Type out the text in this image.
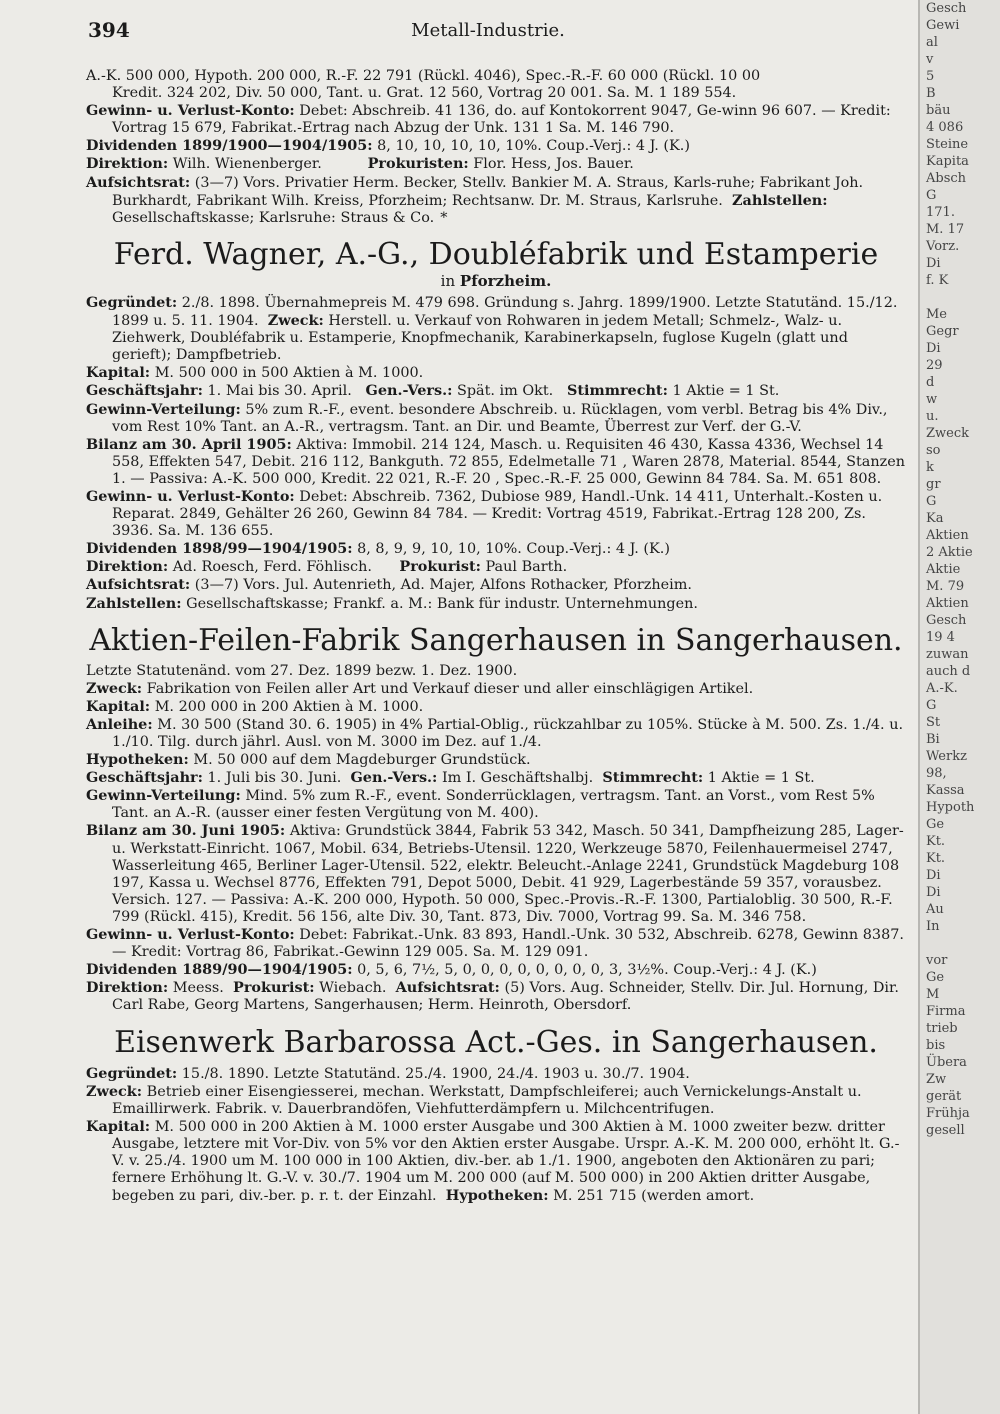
394	Metall-Industrie.

A.-K. 500 000, Hypoth. 200 000, R.-F. 22 791 (Rückl. 4046), Spec.-R.-F. 60 000 (Rückl. 10 00
Kredit. 324 202, Div. 50 000, Tant. u. Grat. 12 560, Vortrag 20 001. Sa. M. 1 189 554.

Gewinn- u. Verlust-Konto: Debet: Abschreib. 41 136, do. auf Kontokorrent 9047, Ge-winn 96 607. — Kredit: Vortrag 15 679, Fabrikat.-Ertrag nach Abzug der Unk. 131 1 Sa. M. 146 790.

Dividenden 1899/1900—1904/1905: 8, 10, 10, 10, 10, 10%. Coup.-Verj.: 4 J. (K.)

Direktion: Wilh. Wienenberger.	Prokuristen: Flor. Hess, Jos. Bauer.

Aufsichtsrat: (3—7) Vors. Privatier Herm. Becker, Stellv. Bankier M. A. Straus, Karls-ruhe; Fabrikant Joh. Burkhardt, Fabrikant Wilh. Kreiss, Pforzheim; Rechtsanw. Dr. M. Straus, Karlsruhe. Zahlstellen: Gesellschaftskasse; Karlsruhe: Straus & Co. *

Ferd. Wagner, A.-G., Doubléfabrik und Estamperie
in Pforzheim.

Gegründet: 2./8. 1898. Übernahmepreis M. 479 698. Gründung s. Jahrg. 1899/1900. Letzte Statutänd. 15./12. 1899 u. 5. 11. 1904. Zweck: Herstell. u. Verkauf von Rohwaren in jedem Metall; Schmelz-, Walz- u. Ziehwerk, Doubléfabrik u. Estamperie, Knopfmechanik, Karabinerkapseln, fuglose Kugeln (glatt und gerieft); Dampfbetrieb.

Kapital: M. 500 000 in 500 Aktien à M. 1000.

Geschäftsjahr: 1. Mai bis 30. April. Gen.-Vers.: Spät. im Okt. Stimmrecht: 1 Aktie = 1 St.

Gewinn-Verteilung: 5% zum R.-F., event. besondere Abschreib. u. Rücklagen, vom verbl. Betrag bis 4% Div., vom Rest 10% Tant. an A.-R., vertragsm. Tant. an Dir. und Beamte, Überrest zur Verf. der G.-V.

Bilanz am 30. April 1905: Aktiva: Immobil. 214 124, Masch. u. Requisiten 46 430, Kassa 4336, Wechsel 14 558, Effekten 547, Debit. 216 112, Bankguth. 72 855, Edelmetalle 71 , Waren 2878, Material. 8544, Stanzen 1. — Passiva: A.-K. 500 000, Kredit. 22 021, R.-F. 20 , Spec.-R.-F. 25 000, Gewinn 84 784. Sa. M. 651 808.

Gewinn- u. Verlust-Konto: Debet: Abschreib. 7362, Dubiose 989, Handl.-Unk. 14 411, Unterhalt.-Kosten u. Reparat. 2849, Gehälter 26 260, Gewinn 84 784. — Kredit: Vortrag 4519, Fabrikat.-Ertrag 128 200, Zs. 3936. Sa. M. 136 655.

Dividenden 1898/99—1904/1905: 8, 8, 9, 9, 10, 10, 10%. Coup.-Verj.: 4 J. (K.)

Direktion: Ad. Roesch, Ferd. Föhlisch. Prokurist: Paul Barth.

Aufsichtsrat: (3—7) Vors. Jul. Autenrieth, Ad. Majer, Alfons Rothacker, Pforzheim.

Zahlstellen: Gesellschaftskasse; Frankf. a. M.: Bank für industr. Unternehmungen.

Aktien-Feilen-Fabrik Sangerhausen in Sangerhausen.

Letzte Statutenänd. vom 27. Dez. 1899 bezw. 1. Dez. 1900.

Zweck: Fabrikation von Feilen aller Art und Verkauf dieser und aller einschlägigen Artikel.

Kapital: M. 200 000 in 200 Aktien à M. 1000.

Anleihe: M. 30 500 (Stand 30. 6. 1905) in 4% Partial-Oblig., rückzahlbar zu 105%. Stücke à M. 500. Zs. 1./4. u. 1./10. Tilg. durch jährl. Ausl. von M. 3000 im Dez. auf 1./4.

Hypotheken: M. 50 000 auf dem Magdeburger Grundstück.

Geschäftsjahr: 1. Juli bis 30. Juni. Gen.-Vers.: Im I. Geschäftshalbj. Stimmrecht: 1 Aktie = 1 St.

Gewinn-Verteilung: Mind. 5% zum R.-F., event. Sonderrücklagen, vertragsm. Tant. an Vorst., vom Rest 5% Tant. an A.-R. (ausser einer festen Vergütung von M. 400).

Bilanz am 30. Juni 1905: Aktiva: Grundstück 3844, Fabrik 53 342, Masch. 50 341, Dampfheizung 285, Lager- u. Werkstatt-Einricht. 1067, Mobil. 634, Betriebs-Utensil. 1220, Werkzeuge 5870, Feilenhauermeisel 2747, Wasserleitung 465, Berliner Lager-Utensil. 522, elektr. Beleucht.-Anlage 2241, Grundstück Magdeburg 108 197, Kassa u. Wechsel 8776, Effekten 791, Depot 5000, Debit. 41 929, Lagerbestände 59 357, vorausbez. Versich. 127. — Passiva: A.-K. 200 000, Hypoth. 50 000, Spec.-Provis.-R.-F. 1300, Partialoblig. 30 500, R.-F. 799 (Rückl. 415), Kredit. 56 156, alte Div. 30, Tant. 873, Div. 7000, Vortrag 99. Sa. M. 346 758.

Gewinn- u. Verlust-Konto: Debet: Fabrikat.-Unk. 83 893, Handl.-Unk. 30 532, Abschreib. 6278, Gewinn 8387. — Kredit: Vortrag 86, Fabrikat.-Gewinn 129 005. Sa. M. 129 091.

Dividenden 1889/90—1904/1905: 0, 5, 6, 7½, 5, 0, 0, 0, 0, 0, 0, 0, 0, 3, 3½%. Coup.-Verj.: 4 J. (K.)

Direktion: Meess. Prokurist: Wiebach. Aufsichtsrat: (5) Vors. Aug. Schneider, Stellv. Dir. Jul. Hornung, Dir. Carl Rabe, Georg Martens, Sangerhausen; Herm. Heinroth, Obersdorf.

Eisenwerk Barbarossa Act.-Ges. in Sangerhausen.

Gegründet: 15./8. 1890. Letzte Statutänd. 25./4. 1900, 24./4. 1903 u. 30./7. 1904.

Zweck: Betrieb einer Eisengiesserei, mechan. Werkstatt, Dampfschleiferei; auch Vernickelungs-Anstalt u. Emaillirwerk. Fabrik. v. Dauerbrandöfen, Viehfutterdämpfern u. Milchcentrifugen.

Kapital: M. 500 000 in 200 Aktien à M. 1000 erster Ausgabe und 300 Aktien à M. 1000 zweiter bezw. dritter Ausgabe, letztere mit Vor-Div. von 5% vor den Aktien erster Ausgabe. Urspr. A.-K. M. 200 000, erhöht lt. G.-V. v. 25./4. 1900 um M. 100 000 in 100 Aktien, div.-ber. ab 1./1. 1900, angeboten den Aktionären zu pari; fernere Erhöhung lt. G.-V. v. 30./7. 1904 um M. 200 000 (auf M. 500 000) in 200 Aktien dritter Ausgabe, begeben zu pari, div.-ber. p. r. t. der Einzahl. Hypotheken: M. 251 715 (werden amort.

Gesch
Gewi
al
v
5
B
bäu
4 086
Steine
Kapita
Absch
G
171.
M. 17
Vorz.
Di
f. K

Me
Gegr
Di
29
d
w
u.
Zweck
so
k
gr
G
Ka
Aktien
2 Aktie
Aktie
M. 79
Aktien
Gesch
19 4
zuwan
auch d
A.-K.
G
St
Bi
Werkz
98,
Kassa
Hypoth
Ge
Kt.
Kt.
Di
Di
Au
In

vor
Ge
M
Firma
trieb
bis
Übera
Zw
gerät
Frühja
gesell
